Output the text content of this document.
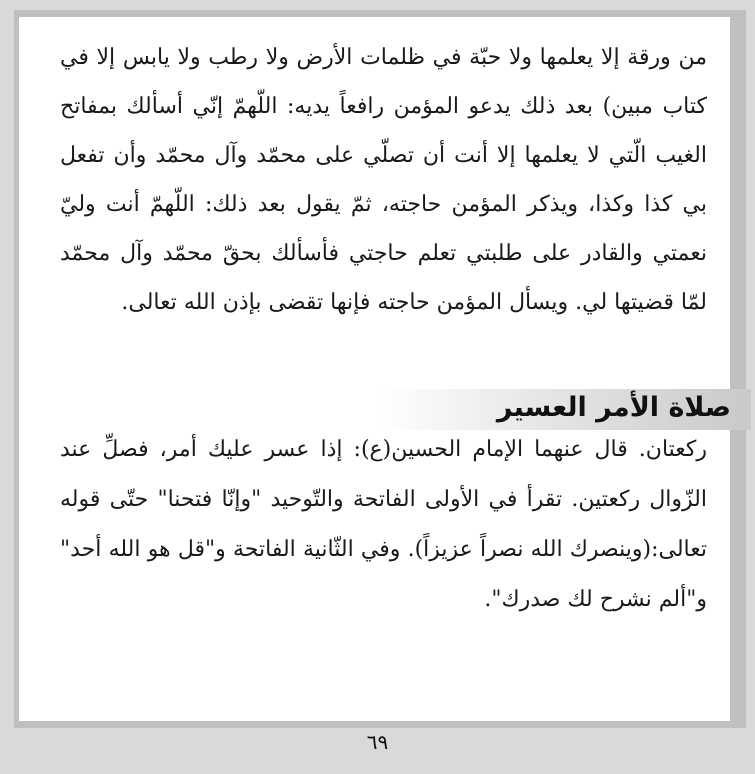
من ورقة إلا يعلمها ولا حبّة في ظلمات الأرض ولا رطب ولا يابس إلا في كتاب مبين) بعد ذلك يدعو المؤمن رافعاً يديه: اللّهمّ إنّي أسألك بمفاتح الغيب الّتي لا يعلمها إلا أنت أن تصلّي على محمّد وآل محمّد وأن تفعل بي كذا وكذا، ويذكر المؤمن حاجته، ثمّ يقول بعد ذلك: اللّهمّ أنت وليّ نعمتي والقادر على طلبتي تعلم حاجتي فأسألك بحقّ محمّد وآل محمّد لمّا قضيتها لي. ويسأل المؤمن حاجته فإنها تقضى بإذن الله تعالى.
صلاة الأمر العسير
ركعتان. قال عنهما الإمام الحسين(ع): إذا عسر عليك أمر، فصلِّ عند الزّوال ركعتين. تقرأ في الأولى الفاتحة والتّوحيد "وإنّا فتحنا" حتّى قوله تعالى:(وينصرك الله نصراً عزيزاً). وفي الثّانية الفاتحة و"قل هو الله أحد" و"ألم نشرح لك صدرك".
٦٩
